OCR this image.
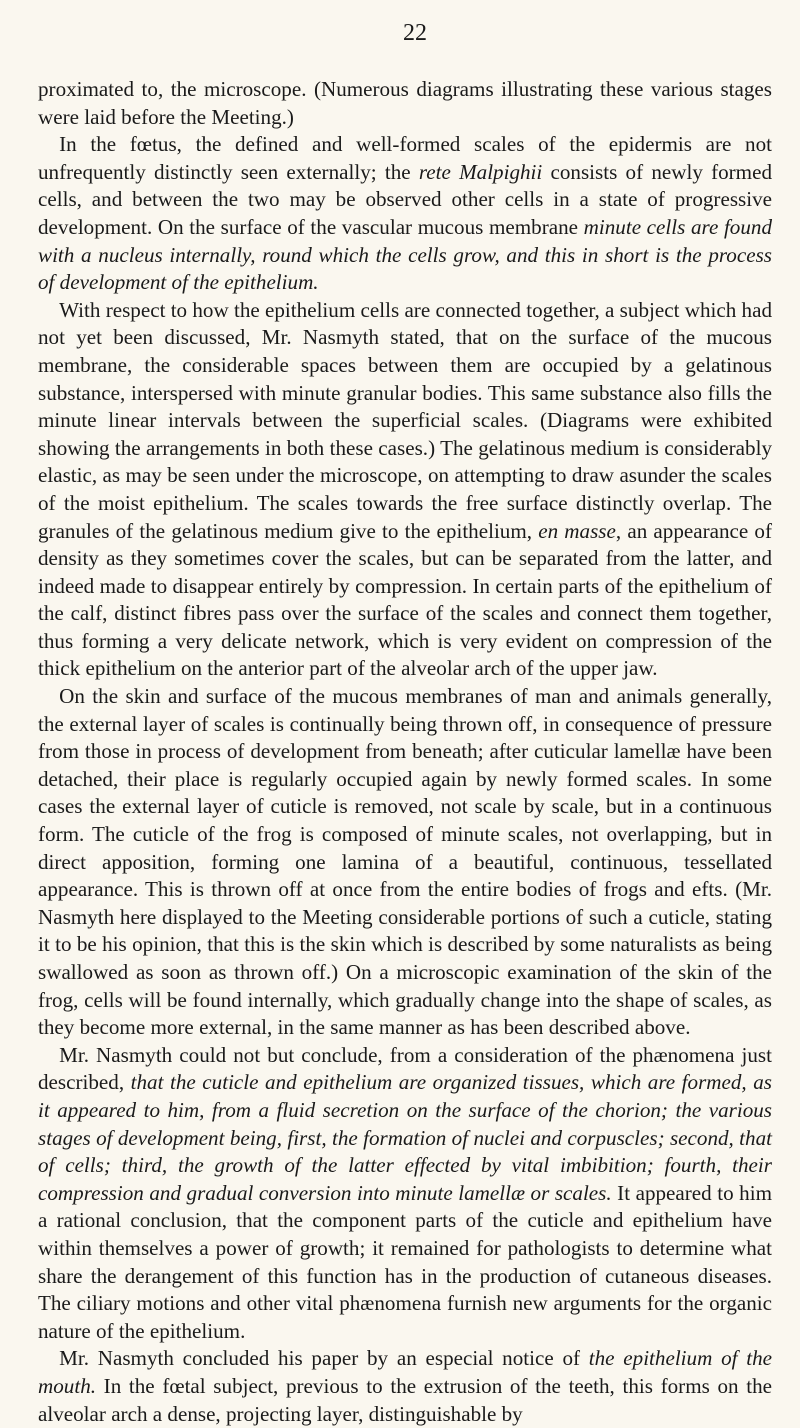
22

proximated to, the microscope. (Numerous diagrams illustrating these various stages were laid before the Meeting.)

In the fœtus, the defined and well-formed scales of the epidermis are not unfrequently distinctly seen externally; the rete Malpighii consists of newly formed cells, and between the two may be observed other cells in a state of progressive development. On the surface of the vascular mucous membrane minute cells are found with a nucleus internally, round which the cells grow, and this in short is the process of development of the epithelium.

With respect to how the epithelium cells are connected together, a subject which had not yet been discussed, Mr. Nasmyth stated, that on the surface of the mucous membrane, the considerable spaces between them are occupied by a gelatinous substance, interspersed with minute granular bodies. This same substance also fills the minute linear intervals between the superficial scales. (Diagrams were exhibited showing the arrangements in both these cases.) The gelatinous medium is considerably elastic, as may be seen under the microscope, on attempting to draw asunder the scales of the moist epithelium. The scales towards the free surface distinctly overlap. The granules of the gelatinous medium give to the epithelium, en masse, an appearance of density as they sometimes cover the scales, but can be separated from the latter, and indeed made to disappear entirely by compression. In certain parts of the epithelium of the calf, distinct fibres pass over the surface of the scales and connect them together, thus forming a very delicate network, which is very evident on compression of the thick epithelium on the anterior part of the alveolar arch of the upper jaw.

On the skin and surface of the mucous membranes of man and animals generally, the external layer of scales is continually being thrown off, in consequence of pressure from those in process of development from beneath; after cuticular lamellæ have been detached, their place is regularly occupied again by newly formed scales. In some cases the external layer of cuticle is removed, not scale by scale, but in a continuous form. The cuticle of the frog is composed of minute scales, not overlapping, but in direct apposition, forming one lamina of a beautiful, continuous, tessellated appearance. This is thrown off at once from the entire bodies of frogs and efts. (Mr. Nasmyth here displayed to the Meeting considerable portions of such a cuticle, stating it to be his opinion, that this is the skin which is described by some naturalists as being swallowed as soon as thrown off.) On a microscopic examination of the skin of the frog, cells will be found internally, which gradually change into the shape of scales, as they become more external, in the same manner as has been described above.

Mr. Nasmyth could not but conclude, from a consideration of the phænomena just described, that the cuticle and epithelium are organized tissues, which are formed, as it appeared to him, from a fluid secretion on the surface of the chorion; the various stages of development being, first, the formation of nuclei and corpuscles; second, that of cells; third, the growth of the latter effected by vital imbibition; fourth, their compression and gradual conversion into minute lamellæ or scales. It appeared to him a rational conclusion, that the component parts of the cuticle and epithelium have within themselves a power of growth; it remained for pathologists to determine what share the derangement of this function has in the production of cutaneous diseases. The ciliary motions and other vital phænomena furnish new arguments for the organic nature of the epithelium.

Mr. Nasmyth concluded his paper by an especial notice of the epithelium of the mouth. In the fœtal subject, previous to the extrusion of the teeth, this forms on the alveolar arch a dense, projecting layer, distinguishable by
